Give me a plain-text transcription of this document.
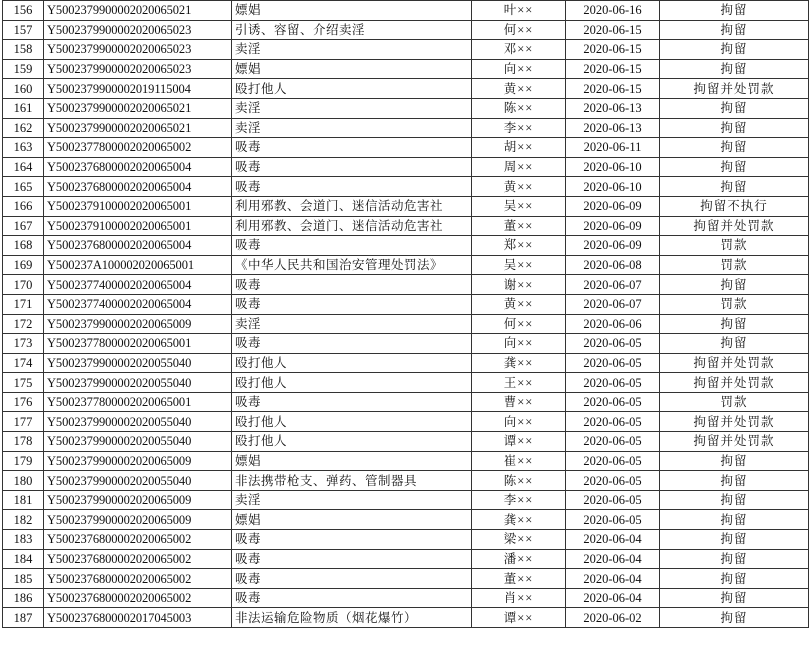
156	Y5002379900002020065021	嫖娼	叶××	2020-06-16	拘留
157	Y5002379900002020065023	引诱、容留、介绍卖淫	何××	2020-06-15	拘留
158	Y5002379900002020065023	卖淫	邓××	2020-06-15	拘留
159	Y5002379900002020065023	嫖娼	向××	2020-06-15	拘留
160	Y5002379900002019115004	殴打他人	黄××	2020-06-15	拘留并处罚款
161	Y5002379900002020065021	卖淫	陈××	2020-06-13	拘留
162	Y5002379900002020065021	卖淫	李××	2020-06-13	拘留
163	Y5002377800002020065002	吸毒	胡××	2020-06-11	拘留
164	Y5002376800002020065004	吸毒	周××	2020-06-10	拘留
165	Y5002376800002020065004	吸毒	黄××	2020-06-10	拘留
166	Y5002379100002020065001	利用邪教、会道门、迷信活动危害社	吴××	2020-06-09	拘留不执行
167	Y5002379100002020065001	利用邪教、会道门、迷信活动危害社	董××	2020-06-09	拘留并处罚款
168	Y5002376800002020065004	吸毒	郑××	2020-06-09	罚款
169	Y500237A100002020065001	《中华人民共和国治安管理处罚法》	吴××	2020-06-08	罚款
170	Y5002377400002020065004	吸毒	谢××	2020-06-07	拘留
171	Y5002377400002020065004	吸毒	黄××	2020-06-07	罚款
172	Y5002379900002020065009	卖淫	何××	2020-06-06	拘留
173	Y5002377800002020065001	吸毒	向××	2020-06-05	拘留
174	Y5002379900002020055040	殴打他人	龚××	2020-06-05	拘留并处罚款
175	Y5002379900002020055040	殴打他人	王××	2020-06-05	拘留并处罚款
176	Y5002377800002020065001	吸毒	曹××	2020-06-05	罚款
177	Y5002379900002020055040	殴打他人	向××	2020-06-05	拘留并处罚款
178	Y5002379900002020055040	殴打他人	谭××	2020-06-05	拘留并处罚款
179	Y5002379900002020065009	嫖娼	崔××	2020-06-05	拘留
180	Y5002379900002020055040	非法携带枪支、弹药、管制器具	陈××	2020-06-05	拘留
181	Y5002379900002020065009	卖淫	李××	2020-06-05	拘留
182	Y5002379900002020065009	嫖娼	龚××	2020-06-05	拘留
183	Y5002376800002020065002	吸毒	梁××	2020-06-04	拘留
184	Y5002376800002020065002	吸毒	潘××	2020-06-04	拘留
185	Y5002376800002020065002	吸毒	董××	2020-06-04	拘留
186	Y5002376800002020065002	吸毒	肖××	2020-06-04	拘留
187	Y5002376800002017045003	非法运输危险物质（烟花爆竹）	谭××	2020-06-02	拘留
